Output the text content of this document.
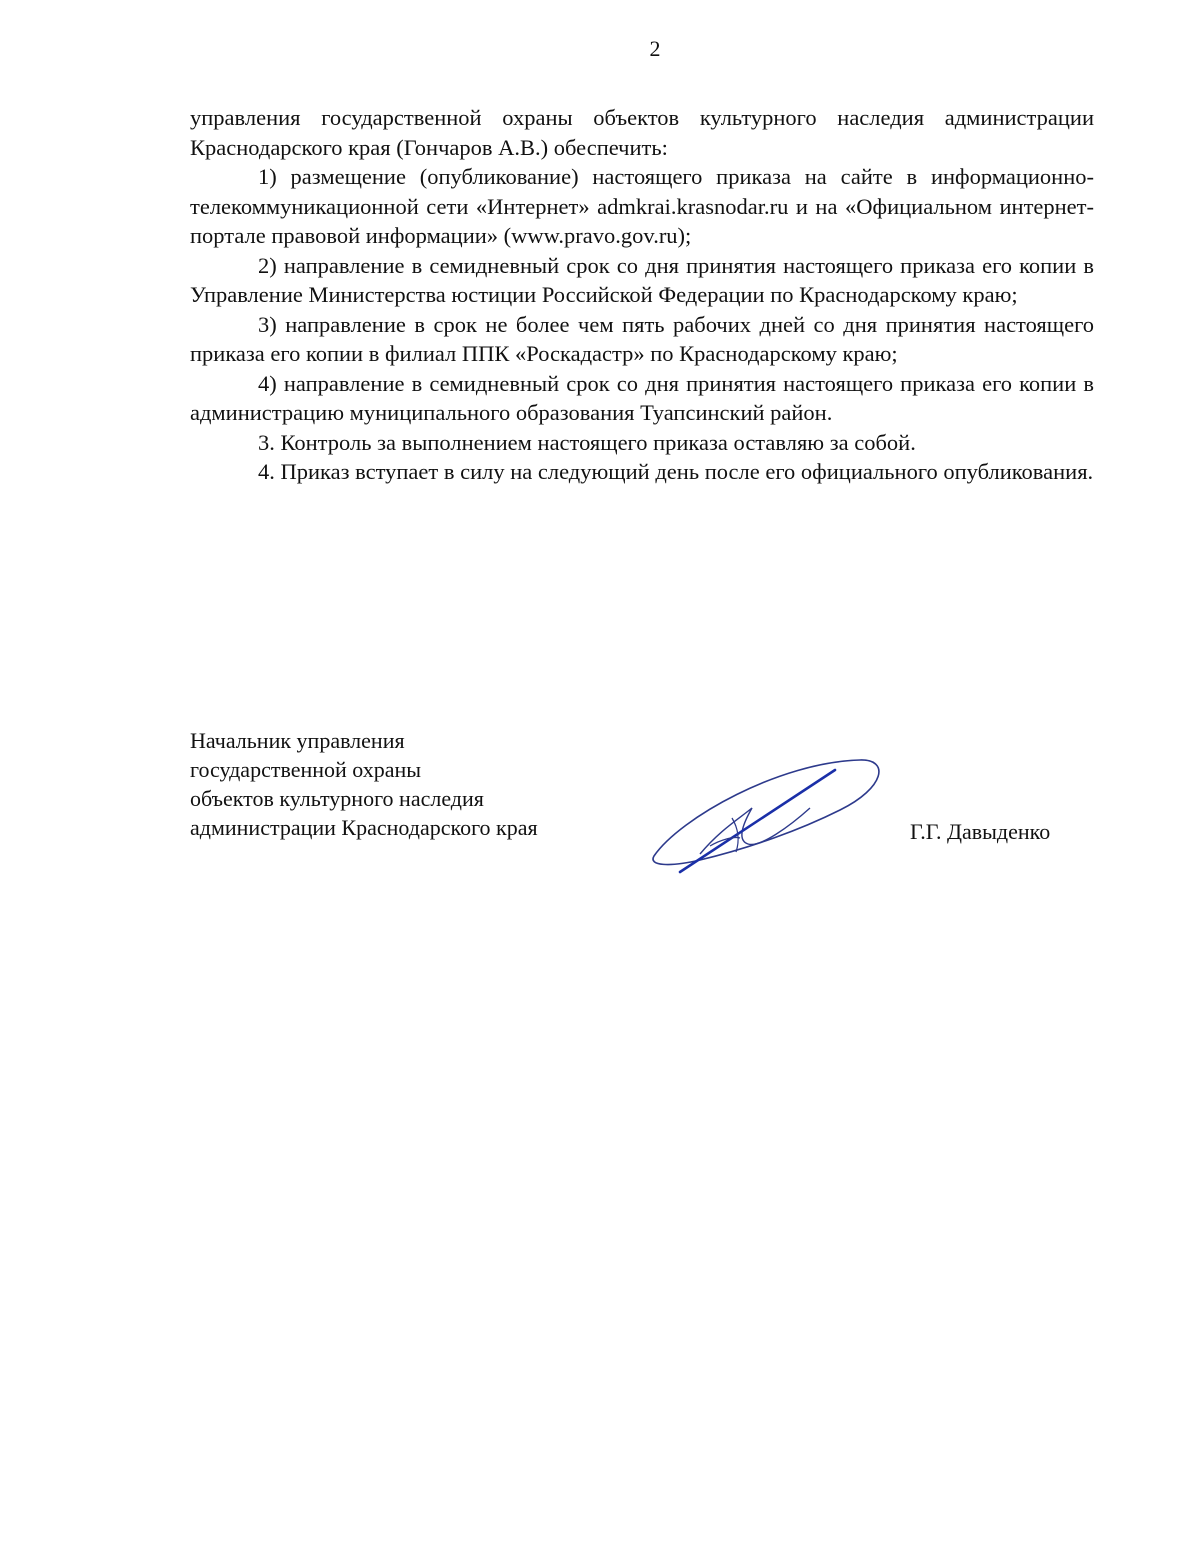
2

управления государственной охраны объектов культурного наследия администрации Краснодарского края (Гончаров А.В.) обеспечить:

1) размещение (опубликование) настоящего приказа на сайте в информационно-телекоммуникационной сети «Интернет» admkrai.krasnodar.ru и на «Официальном интернет-портале правовой информации» (www.pravo.gov.ru);

2) направление в семидневный срок со дня принятия настоящего приказа его копии в Управление Министерства юстиции Российской Федерации по Краснодарскому краю;

3) направление в срок не более чем пять рабочих дней со дня принятия настоящего приказа его копии в филиал ППК «Роскадастр» по Краснодарскому краю;

4) направление в семидневный срок со дня принятия настоящего приказа его копии в администрацию муниципального образования Туапсинский район.

3. Контроль за выполнением настоящего приказа оставляю за собой.

4. Приказ вступает в силу на следующий день после его официального опубликования.

Начальник управления
государственной охраны
объектов культурного наследия
администрации Краснодарского края	Г.Г. Давыденко
